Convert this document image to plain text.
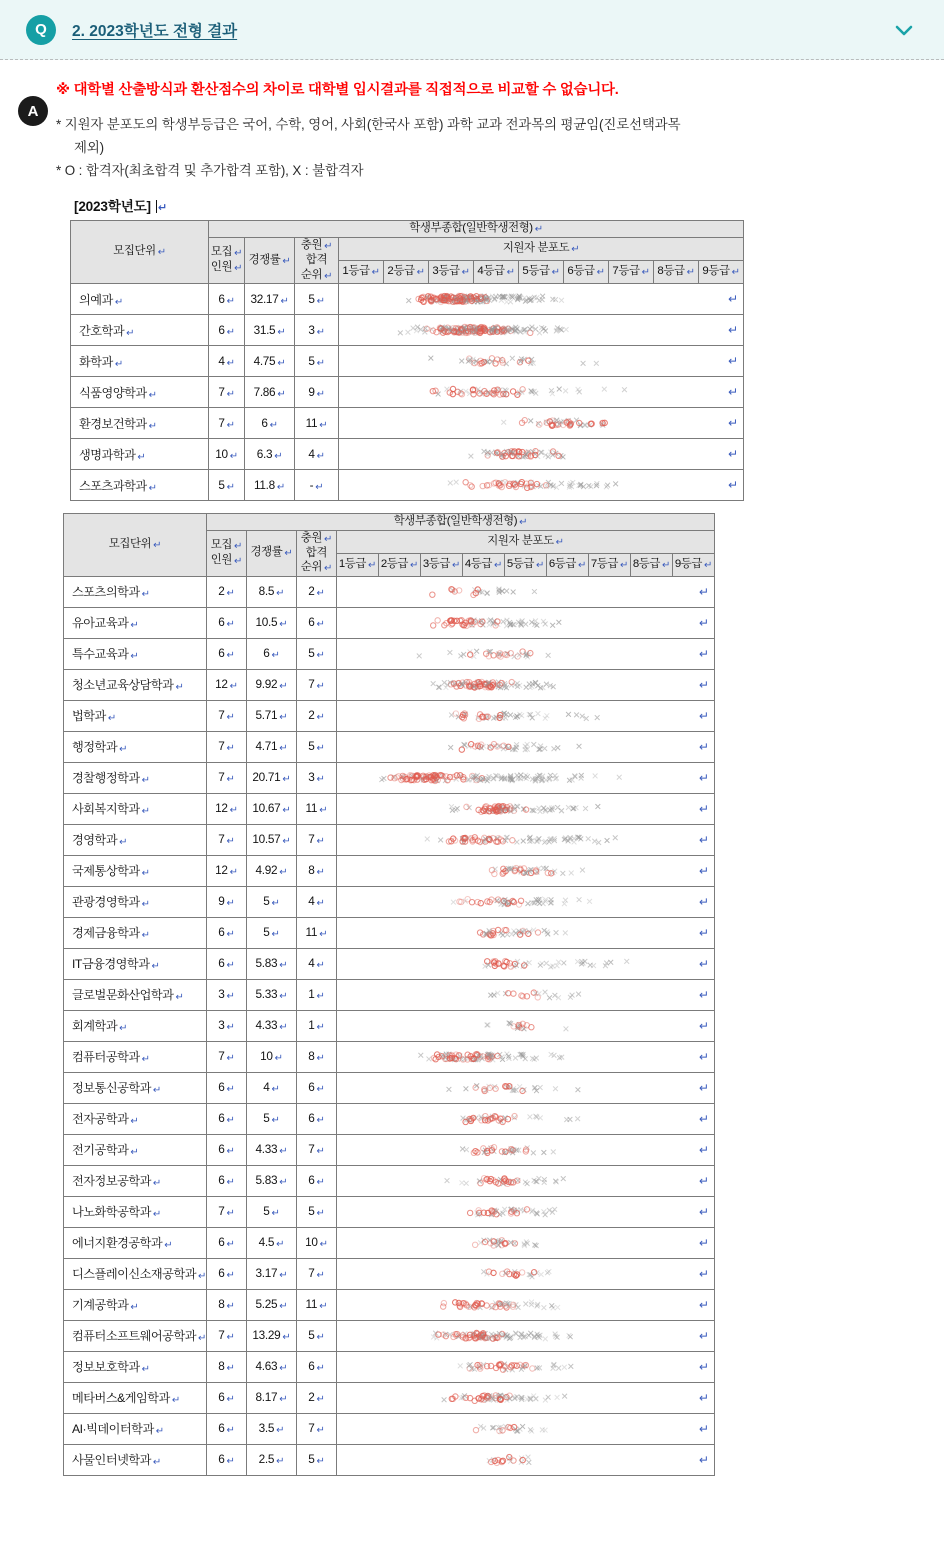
Q	2. 2023학년도 전형 결과
A

※ 대학별 산출방식과 환산점수의 차이로 대학별 입시결과를 직접적으로 비교할 수 없습니다.

* 지원자 분포도의 학생부등급은 국어, 수학, 영어, 사회(한국사 포함) 과학 교과 전과목의 평균임(진로선택과목

제외)

* O : 합격자(최초합격 및 추가합격 포함), X : 불합격자

[2023학년도] ↵
모집단위 ↵	학생부종합(일반학생전형) ↵											
	모집 ↵
인원 ↵	경쟁률 ↵	충원 ↵
합격
순위 ↵	지원자 분포도 ↵								
				1등급 ↵	2등급 ↵	3등급 ↵	4등급 ↵	5등급 ↵	6등급 ↵	7등급 ↵	8등급 ↵	9등급 ↵
의예과 ↵	6 ↵	32.17 ↵	5 ↵	↵								

간호학과 ↵	6 ↵	31.5 ↵	3 ↵	↵								

화학과 ↵	4 ↵	4.75 ↵	5 ↵	↵								

식품영양학과 ↵	7 ↵	7.86 ↵	9 ↵	↵								

환경보건학과 ↵	7 ↵	6 ↵	11 ↵	↵								

생명과학과 ↵	10 ↵	6.3 ↵	4 ↵	↵								

스포츠과학과 ↵	5 ↵	11.8 ↵	- ↵	↵								
모집단위 ↵	학생부종합(일반학생전형) ↵											
	모집 ↵
인원 ↵	경쟁률 ↵	충원 ↵
합격
순위 ↵	지원자 분포도 ↵								
				1등급 ↵	2등급 ↵	3등급 ↵	4등급 ↵	5등급 ↵	6등급 ↵	7등급 ↵	8등급 ↵	9등급 ↵
스포츠의학과 ↵	2 ↵	8.5 ↵	2 ↵	↵								

유아교육과 ↵	6 ↵	10.5 ↵	6 ↵	↵								

특수교육과 ↵	6 ↵	6 ↵	5 ↵	↵								

청소년교육상담학과 ↵	12 ↵	9.92 ↵	7 ↵	↵								

법학과 ↵	7 ↵	5.71 ↵	2 ↵	↵								

행정학과 ↵	7 ↵	4.71 ↵	5 ↵	↵								

경찰행정학과 ↵	7 ↵	20.71 ↵	3 ↵	↵								

사회복지학과 ↵	12 ↵	10.67 ↵	11 ↵	↵								

경영학과 ↵	7 ↵	10.57 ↵	7 ↵	↵								

국제통상학과 ↵	12 ↵	4.92 ↵	8 ↵	↵								

관광경영학과 ↵	9 ↵	5 ↵	4 ↵	↵								

경제금융학과 ↵	6 ↵	5 ↵	11 ↵	↵								

IT금융경영학과 ↵	6 ↵	5.83 ↵	4 ↵	↵								

글로벌문화산업학과 ↵	3 ↵	5.33 ↵	1 ↵	↵								

회계학과 ↵	3 ↵	4.33 ↵	1 ↵	↵								

컴퓨터공학과 ↵	7 ↵	10 ↵	8 ↵	↵								

정보통신공학과 ↵	6 ↵	4 ↵	6 ↵	↵								

전자공학과 ↵	6 ↵	5 ↵	6 ↵	↵								

전기공학과 ↵	6 ↵	4.33 ↵	7 ↵	↵								

전자정보공학과 ↵	6 ↵	5.83 ↵	6 ↵	↵								

나노화학공학과 ↵	7 ↵	5 ↵	5 ↵	↵								

에너지환경공학과 ↵	6 ↵	4.5 ↵	10 ↵	↵								

디스플레이신소재공학과 ↵	6 ↵	3.17 ↵	7 ↵	↵								

기계공학과 ↵	8 ↵	5.25 ↵	11 ↵	↵								

컴퓨터소프트웨어공학과 ↵	7 ↵	13.29 ↵	5 ↵	↵								

정보보호학과 ↵	8 ↵	4.63 ↵	6 ↵	↵								

메타버스&게임학과 ↵	6 ↵	8.17 ↵	2 ↵	↵								

AI·빅데이터학과 ↵	6 ↵	3.5 ↵	7 ↵	↵								

사물인터넷학과 ↵	6 ↵	2.5 ↵	5 ↵	↵								
